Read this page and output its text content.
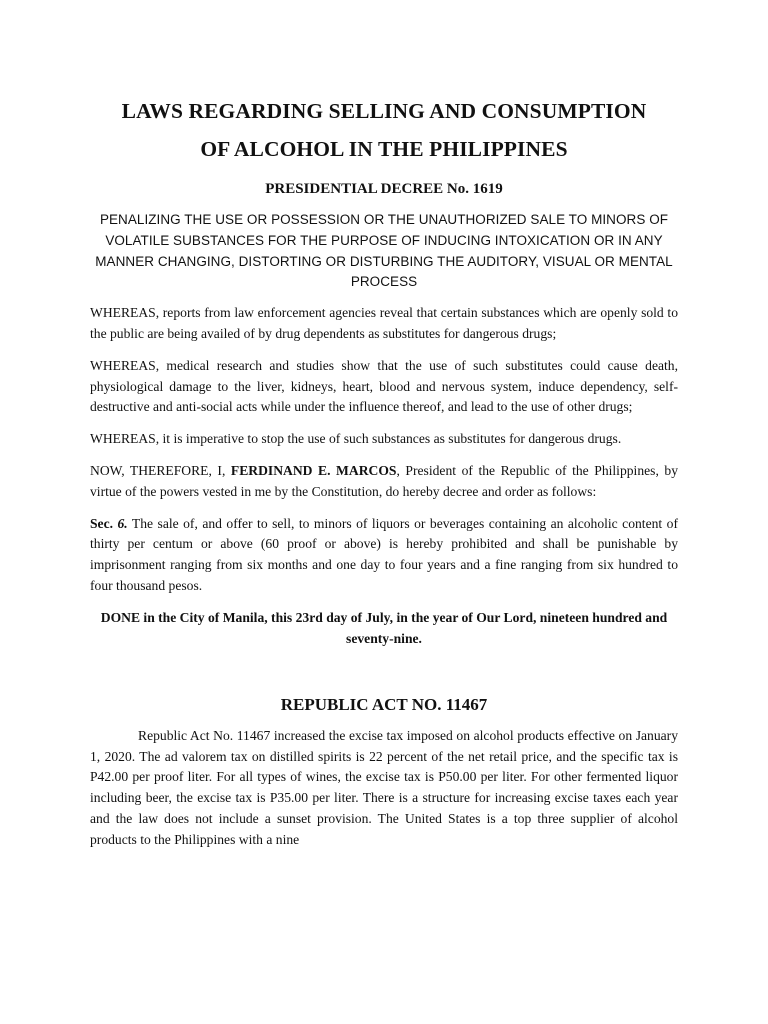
LAWS REGARDING SELLING AND CONSUMPTION
OF ALCOHOL IN THE PHILIPPINES
PRESIDENTIAL DECREE No. 1619

PENALIZING THE USE OR POSSESSION OR THE UNAUTHORIZED SALE TO MINORS OF VOLATILE SUBSTANCES FOR THE PURPOSE OF INDUCING INTOXICATION OR IN ANY MANNER CHANGING, DISTORTING OR DISTURBING THE AUDITORY, VISUAL OR MENTAL PROCESS

WHEREAS, reports from law enforcement agencies reveal that certain substances which are openly sold to the public are being availed of by drug dependents as substitutes for dangerous drugs;

WHEREAS, medical research and studies show that the use of such substitutes could cause death, physiological damage to the liver, kidneys, heart, blood and nervous system, induce dependency, self-destructive and anti-social acts while under the influence thereof, and lead to the use of other drugs;

WHEREAS, it is imperative to stop the use of such substances as substitutes for dangerous drugs.

NOW, THEREFORE, I, FERDINAND E. MARCOS, President of the Republic of the Philippines, by virtue of the powers vested in me by the Constitution, do hereby decree and order as follows:

Sec. 6. The sale of, and offer to sell, to minors of liquors or beverages containing an alcoholic content of thirty per centum or above (60 proof or above) is hereby prohibited and shall be punishable by imprisonment ranging from six months and one day to four years and a fine ranging from six hundred to four thousand pesos.

DONE in the City of Manila, this 23rd day of July, in the year of Our Lord, nineteen hundred and seventy-nine.

REPUBLIC ACT NO. 11467

Republic Act No. 11467 increased the excise tax imposed on alcohol products effective on January 1, 2020. The ad valorem tax on distilled spirits is 22 percent of the net retail price, and the specific tax is P42.00 per proof liter. For all types of wines, the excise tax is P50.00 per liter. For other fermented liquor including beer, the excise tax is P35.00 per liter. There is a structure for increasing excise taxes each year and the law does not include a sunset provision. The United States is a top three supplier of alcohol products to the Philippines with a nine
